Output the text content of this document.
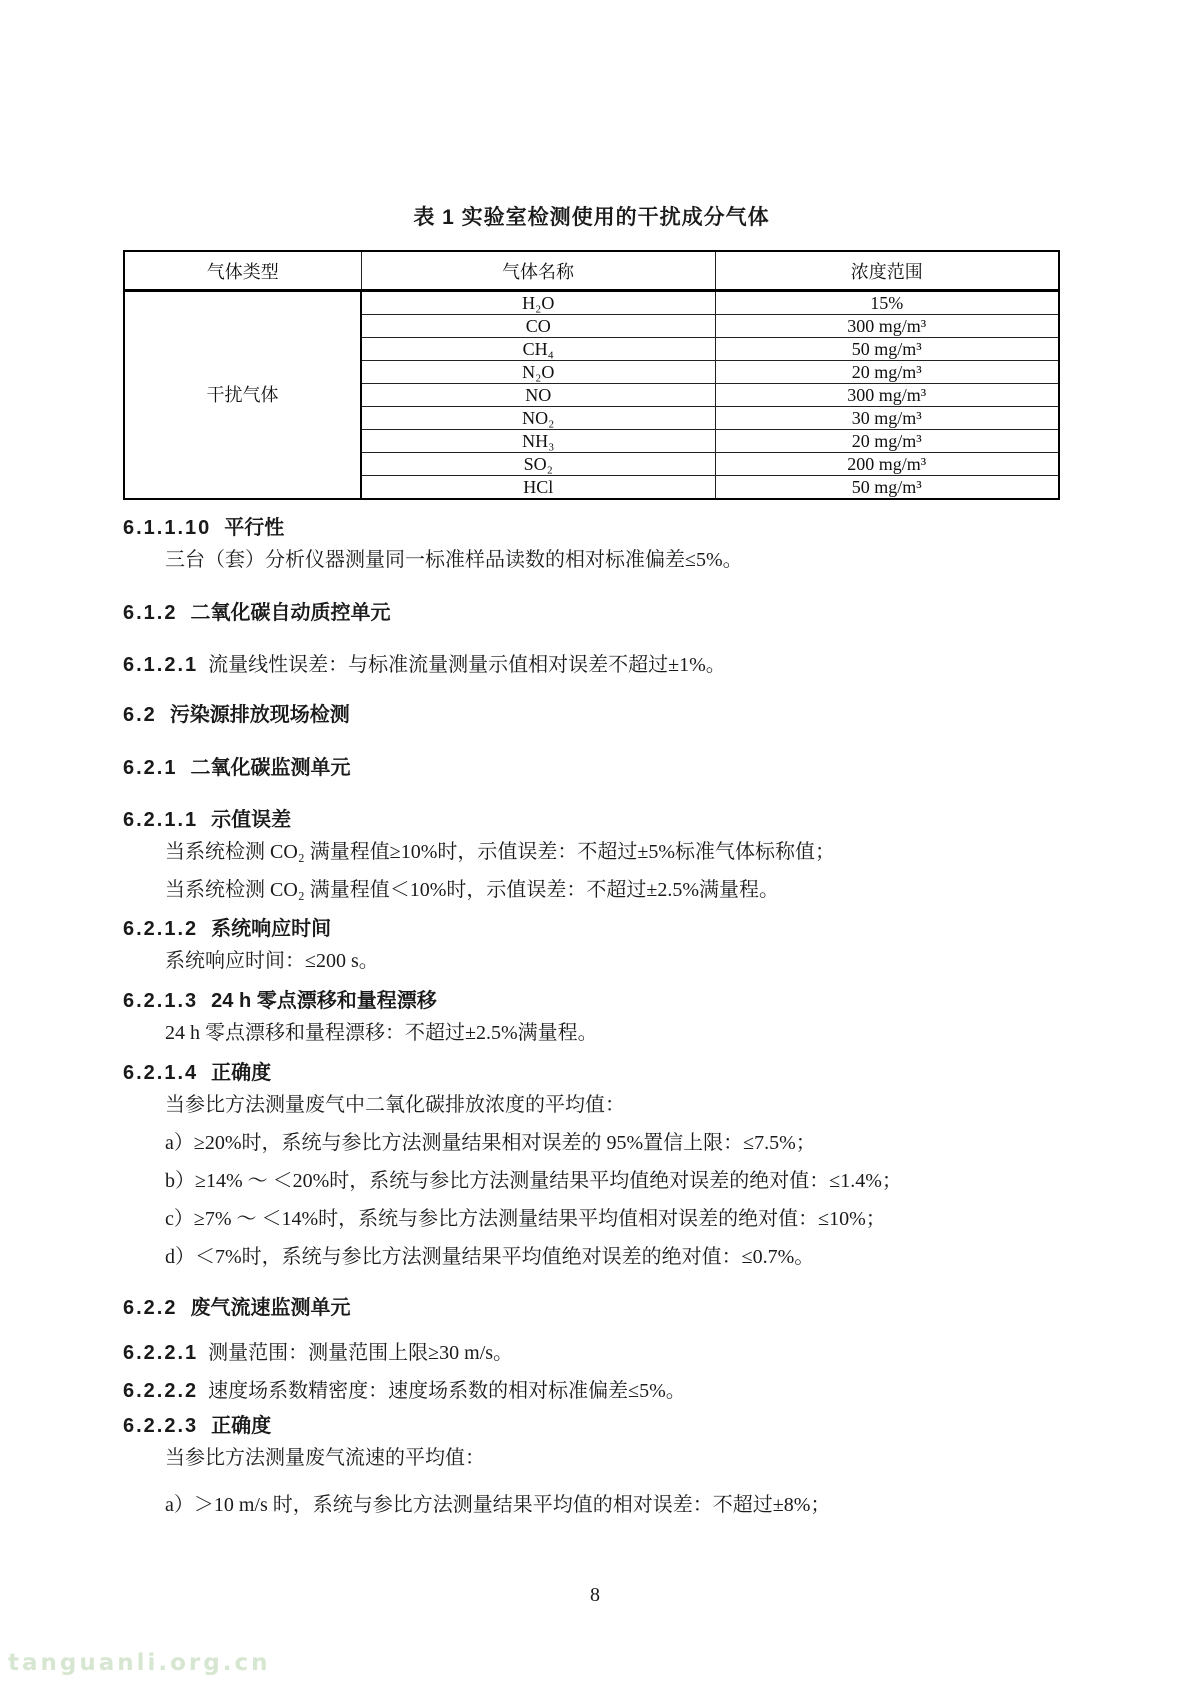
表 1 实验室检测使用的干扰成分气体
气体类型	气体名称	浓度范围
干扰气体	H₂O	15%
	CO	300 mg/m³
	CH₄	50 mg/m³
	N₂O	20 mg/m³
	NO	300 mg/m³
	NO₂	30 mg/m³
	NH₃	20 mg/m³
	SO₂	200 mg/m³
	HCl	50 mg/m³
6.1.1.10 平行性

三台（套）分析仪器测量同一标准样品读数的相对标准偏差≤5%。

6.1.2 二氧化碳自动质控单元

6.1.2.1 流量线性误差：与标准流量测量示值相对误差不超过±1%。

6.2 污染源排放现场检测
6.2.1 二氧化碳监测单元
6.2.1.1 示值误差

当系统检测 CO₂ 满量程值≥10%时，示值误差：不超过±5%标准气体标称值；

当系统检测 CO₂ 满量程值＜10%时，示值误差：不超过±2.5%满量程。

6.2.1.2 系统响应时间

系统响应时间：≤200 s。

6.2.1.3 24 h 零点漂移和量程漂移

24 h 零点漂移和量程漂移：不超过±2.5%满量程。

6.2.1.4 正确度

当参比方法测量废气中二氧化碳排放浓度的平均值：

a）≥20%时，系统与参比方法测量结果相对误差的 95%置信上限：≤7.5%；

b）≥14% ～ ＜20%时，系统与参比方法测量结果平均值绝对误差的绝对值：≤1.4%；

c）≥7% ～ ＜14%时，系统与参比方法测量结果平均值相对误差的绝对值：≤10%；

d）＜7%时，系统与参比方法测量结果平均值绝对误差的绝对值：≤0.7%。

6.2.2 废气流速监测单元

6.2.2.1 测量范围：测量范围上限≥30 m/s。

6.2.2.2 速度场系数精密度：速度场系数的相对标准偏差≤5%。

6.2.2.3 正确度

当参比方法测量废气流速的平均值：

a）＞10 m/s 时，系统与参比方法测量结果平均值的相对误差：不超过±8%；

8
tanguanli.org.cn
